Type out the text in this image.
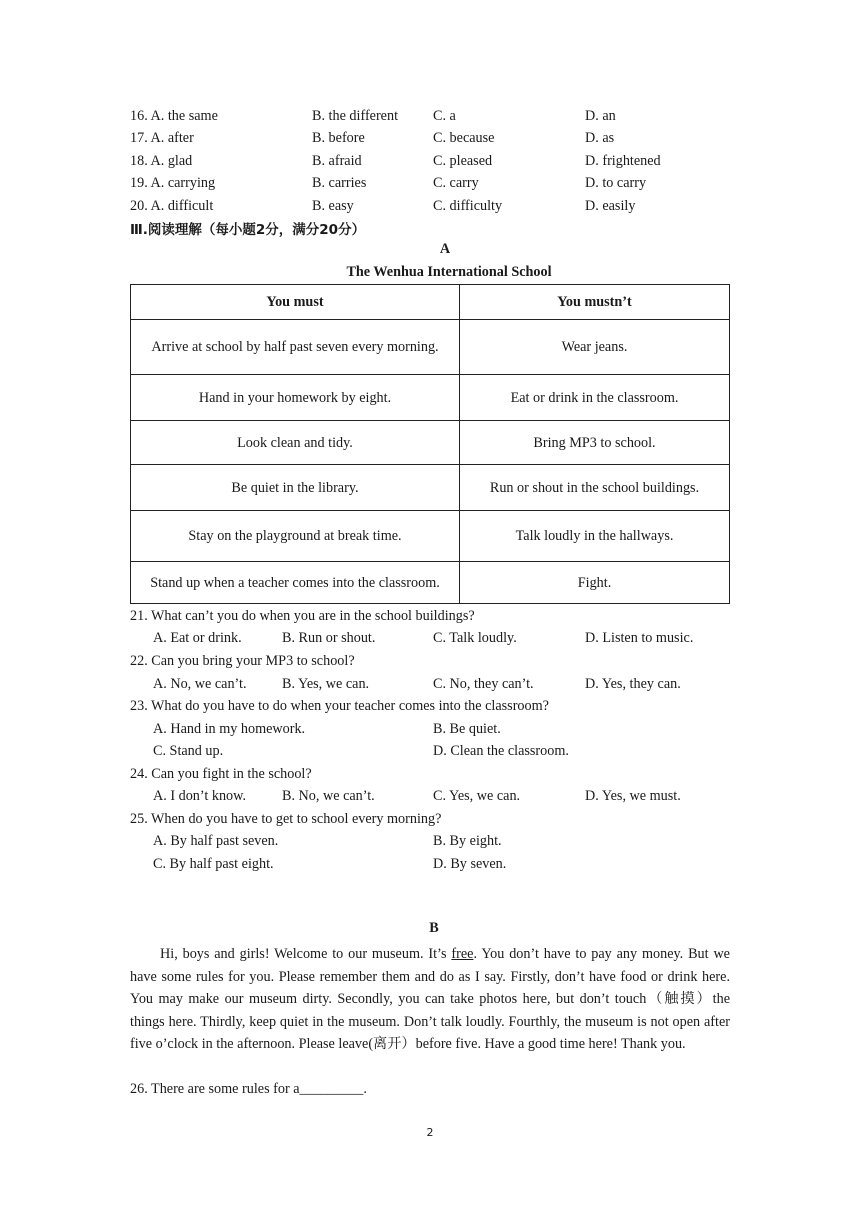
16. A. the same	B. the different C. a	D. an
17. A. after	B. before	C. because	D. as
18. A. glad	B. afraid	C. pleased	D. frightened
19. A. carrying	B. carries	C. carry	D. to carry
20. A. difficult	B. easy	C. difficulty	D. easily
Ⅲ.阅读理解（每小题2分，满分20分）
A
The Wenhua International School
You must	You mustn’t
Arrive at school by half past seven every morning.	Wear jeans.
Hand in your homework by eight.	Eat or drink in the classroom.
Look clean and tidy.	Bring MP3 to school.
Be quiet in the library.	Run or shout in the school buildings.
Stay on the playground at break time.	Talk loudly in the hallways.
Stand up when a teacher comes into the classroom.	Fight.
21. What can’t you do when you are in the school buildings?
A. Eat or drink.	B. Run or shout.	C. Talk loudly.	D. Listen to music.
22. Can you bring your MP3 to school?
A. No, we can’t. B. Yes, we can.	C. No, they can’t.	D. Yes, they can.
23. What do you have to do when your teacher comes into the classroom?
A. Hand in my homework.	B. Be quiet.
C. Stand up.	D. Clean the classroom.
24. Can you fight in the school?
A. I don’t know.	B. No, we can’t.	C. Yes, we can.	D. Yes, we must.
25. When do you have to get to school every morning?
A. By half past seven.	B. By eight.
C. By half past eight.	D. By seven.
B
Hi, boys and girls! Welcome to our museum. It’s free. You don’t have to pay any money. But we have some rules for you. Please remember them and do as I say. Firstly, don’t have food or drink here. You may make our museum dirty. Secondly, you can take photos here, but don’t touch（触摸）the things here. Thirdly, keep quiet in the museum. Don’t talk loudly. Fourthly, the museum is not open after five o’clock in the afternoon. Please leave(离开）before five. Have a good time here! Thank you.
26. There are some rules for a_________.
2
